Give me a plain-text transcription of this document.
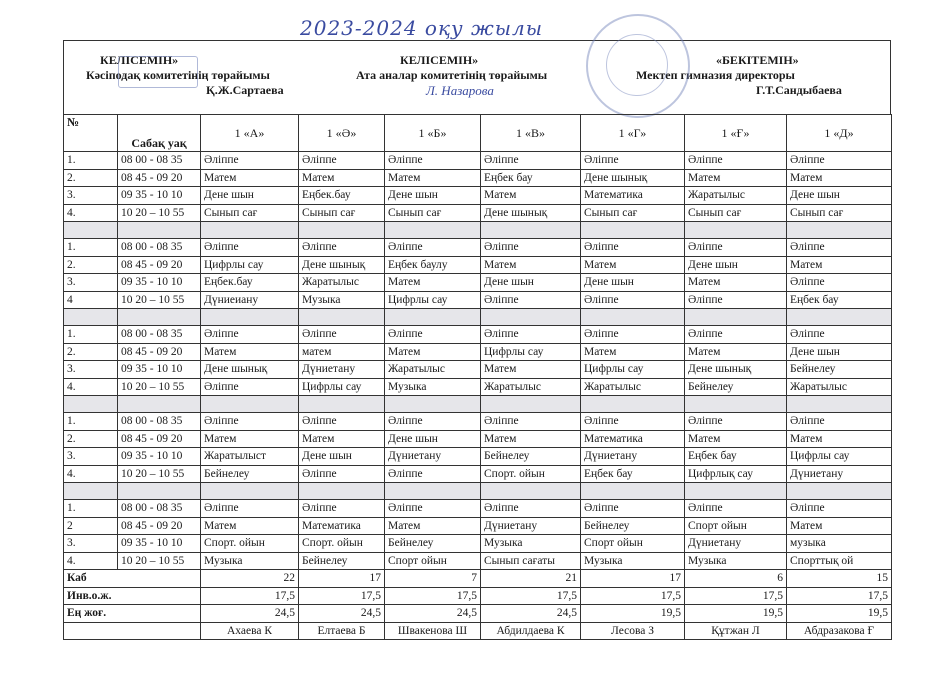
2023-2024 оқу жылы
КЕЛІСЕМІН»
Кәсіподақ комитетінің төрайымы
Қ.Ж.Сартаева
КЕЛІСЕМІН»
Ата аналар комитетінің төрайымы
Л. Назарова
«БЕКІТЕМІН»
Мектеп гимназия директоры
Г.Т.Сандыбаева
№	Сабақ уақ	1 «А»	1 «Ә»	1 «Б»	1 «В»	1 «Г»	1 «Ғ»	1 «Д»
1.	08 00 - 08 35	Әліппе	Әліппе	Әліппе	Әліппе	Әліппе	Әліппе	Әліппе
2.	08 45 - 09 20	Матем	Матем	Матем	Еңбек бау	Дене шынық	Матем	Матем
3.	09 35 - 10 10	Дене шын	Еңбек.бау	Дене шын	Матем	Математика	Жаратылыс	Дене шын
4.	10 20 – 10 55	Сынып сағ	Сынып сағ	Сынып сағ	Дене шынық	Сынып сағ	Сынып сағ	Сынып сағ

1.	08 00 - 08 35	Әліппе	Әліппе	Әліппе	Әліппе	Әліппе	Әліппе	Әліппе
2.	08 45 - 09 20	Цифрлы сау	Дене шынық	Еңбек баулу	Матем	Матем	Дене шын	Матем
3.	09 35 - 10 10	Еңбек.бау	Жаратылыс	Матем	Дене шын	Дене шын	Матем	Әліппе
4	10 20 – 10 55	Дүниеиану	Музыка	Цифрлы сау	Әліппе	Әліппе	Әліппе	Еңбек бау

1.	08 00 - 08 35	Әліппе	Әліппе	Әліппе	Әліппе	Әліппе	Әліппе	Әліппе
2.	08 45 - 09 20	Матем	матем	Матем	Цифрлы сау	Матем	Матем	Дене шын
3.	09 35 - 10 10	Дене шынық	Дүниетану	Жаратылыс	Матем	Цифрлы сау	Дене шынық	Бейнелеу
4.	10 20 – 10 55	Әліппе	Цифрлы сау	Музыка	Жаратылыс	Жаратылыс	Бейнелеу	Жаратылыс

1.	08 00 - 08 35	Әліппе	Әліппе	Әліппе	Әліппе	Әліппе	Әліппе	Әліппе
2.	08 45 - 09 20	Матем	Матем	Дене шын	Матем	Математика	Матем	Матем
3.	09 35 - 10 10	Жаратылыст	Дене шын	Дүниетану	Бейнелеу	Дүниетану	Еңбек бау	Цифрлы сау
4.	10 20 – 10 55	Бейнелеу	Әліппе	Әліппе	Спорт. ойын	Еңбек бау	Цифрлық сау	Дүниетану

1.	08 00 - 08 35	Әліппе	Әліппе	Әліппе	Әліппе	Әліппе	Әліппе	Әліппе
2	08 45 - 09 20	Матем	Математика	Матем	Дүниетану	Бейнелеу	Спорт ойын	Матем
3.	09 35 - 10 10	Спорт. ойын	Спорт. ойын	Бейнелеу	Музыка	Спорт ойын	Дүниетану	музыка
4.	10 20 – 10 55	Музыка	Бейнелеу	Спорт ойын	Сынып сағаты	Музыка	Музыка	Спорттық ой
Каб		22	17	7	21	17	6	15
Инв.о.ж.		17,5	17,5	17,5	17,5	17,5	17,5	17,5
Ең жоғ.		24,5	24,5	24,5	24,5	19,5	19,5	19,5
		Ахаева К	Елтаева Б	Швакенова Ш	Абдилдаева К	Лесова З	Құтжан Л	Абдразакова Ғ
